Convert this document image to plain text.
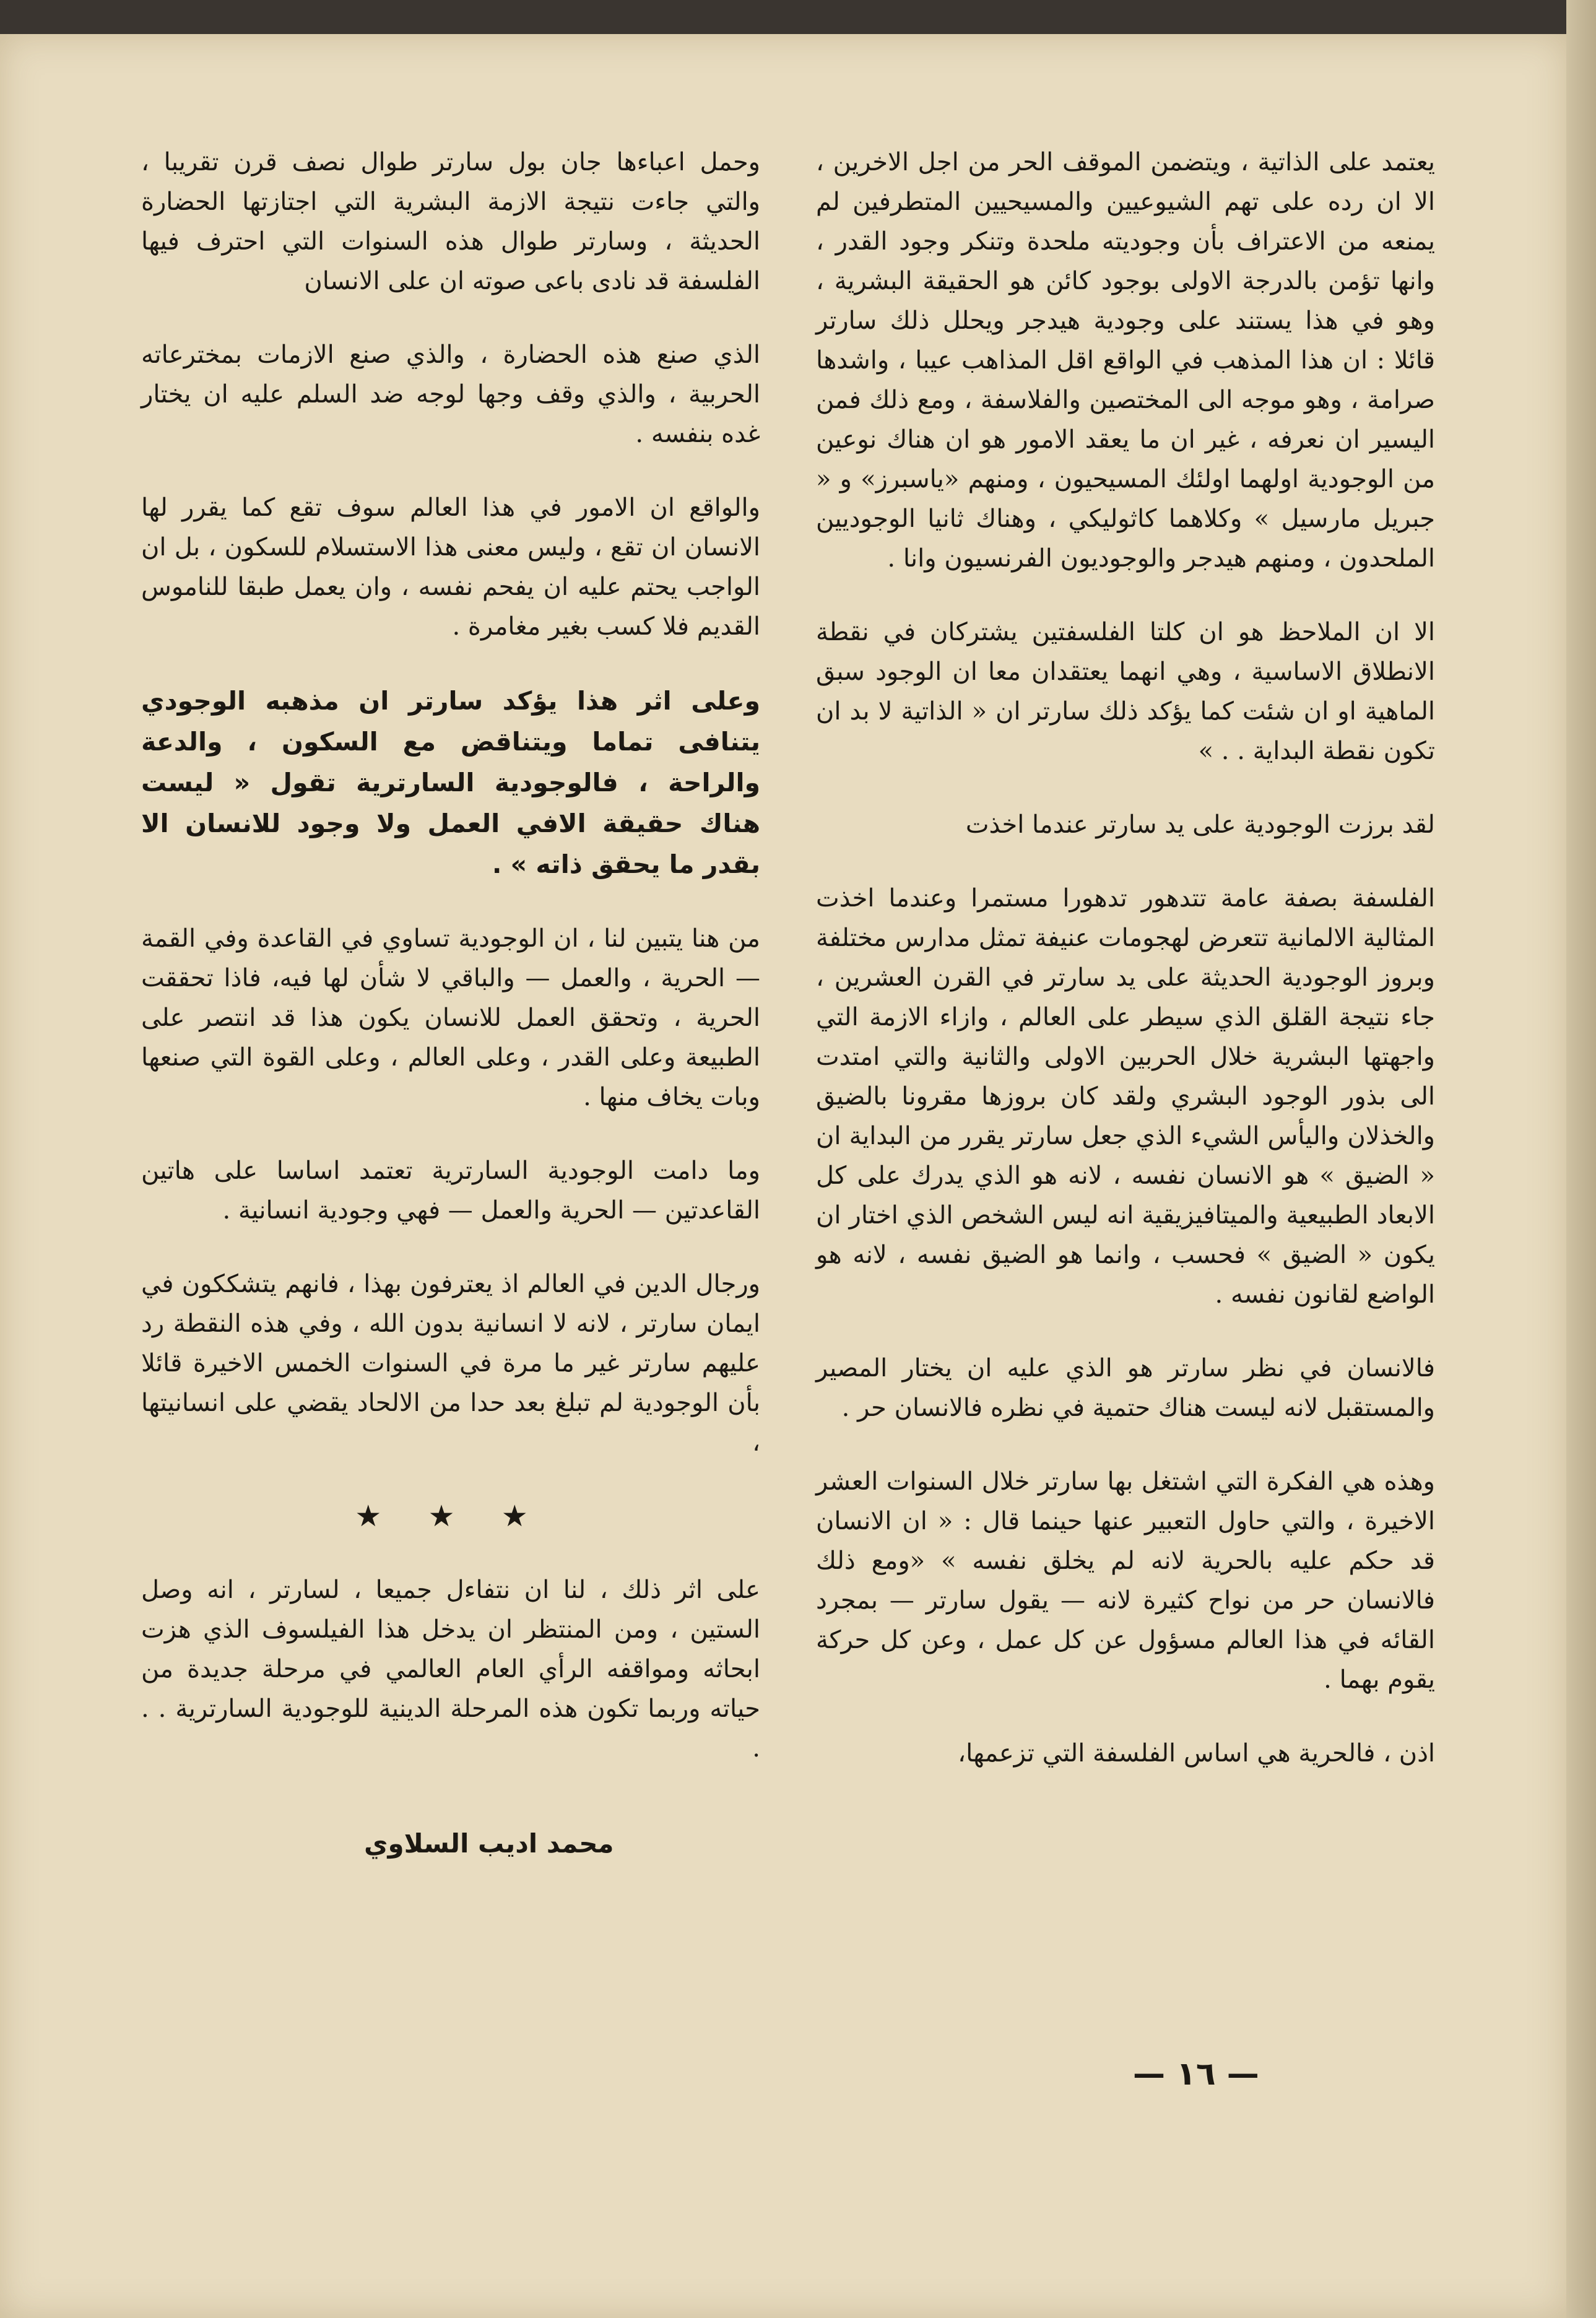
يعتمد على الذاتية ، ويتضمن الموقف الحر من اجل الاخرين ، الا ان رده على تهم الشيوعيين والمسيحيين المتطرفين لم يمنعه من الاعتراف بأن وجوديته ملحدة وتنكر وجود القدر ، وانها تؤمن بالدرجة الاولى بوجود كائن هو الحقيقة البشرية ، وهو في هذا يستند على وجودية هيدجر ويحلل ذلك سارتر قائلا : ان هذا المذهب في الواقع اقل المذاهب عيبا ، واشدها صرامة ، وهو موجه الى المختصين والفلاسفة ، ومع ذلك فمن اليسير ان نعرفه ، غير ان ما يعقد الامور هو ان هناك نوعين من الوجودية اولهما اولئك المسيحيون ، ومنهم «ياسبرز» و « جبريل مارسيل » وكلاهما كاثوليكي ، وهناك ثانيا الوجوديين الملحدون ، ومنهم هيدجر والوجوديون الفرنسيون وانا .

الا ان الملاحظ هو ان كلتا الفلسفتين يشتركان في نقطة الانطلاق الاساسية ، وهي انهما يعتقدان معا ان الوجود سبق الماهية او ان شئت كما يؤكد ذلك سارتر ان « الذاتية لا بد ان تكون نقطة البداية . . »

لقد برزت الوجودية على يد سارتر عندما اخذت

الفلسفة بصفة عامة تتدهور تدهورا مستمرا وعندما اخذت المثالية الالمانية تتعرض لهجومات عنيفة تمثل مدارس مختلفة وبروز الوجودية الحديثة على يد سارتر في القرن العشرين ، جاء نتيجة القلق الذي سيطر على العالم ، وازاء الازمة التي واجهتها البشرية خلال الحربين الاولى والثانية والتي امتدت الى بذور الوجود البشري ولقد كان بروزها مقرونا بالضيق والخذلان واليأس الشيء الذي جعل سارتر يقرر من البداية ان « الضيق » هو الانسان نفسه ، لانه هو الذي يدرك على كل الابعاد الطبيعية والميتافيزيقية انه ليس الشخص الذي اختار ان يكون « الضيق » فحسب ، وانما هو الضيق نفسه ، لانه هو الواضع لقانون نفسه .

فالانسان في نظر سارتر هو الذي عليه ان يختار المصير والمستقبل لانه ليست هناك حتمية في نظره فالانسان حر .

وهذه هي الفكرة التي اشتغل بها سارتر خلال السنوات العشر الاخيرة ، والتي حاول التعبير عنها حينما قال : « ان الانسان قد حكم عليه بالحرية لانه لم يخلق نفسه » «ومع ذلك فالانسان حر من نواح كثيرة لانه — يقول سارتر — بمجرد القائه في هذا العالم مسؤول عن كل عمل ، وعن كل حركة يقوم بهما .

اذن ، فالحرية هي اساس الفلسفة التي تزعمها،

وحمل اعباءها جان بول سارتر طوال نصف قرن تقريبا ، والتي جاءت نتيجة الازمة البشرية التي اجتازتها الحضارة الحديثة ، وسارتر طوال هذه السنوات التي احترف فيها الفلسفة قد نادى باعى صوته ان على الانسان

الذي صنع هذه الحضارة ، والذي صنع الازمات بمخترعاته الحربية ، والذي وقف وجها لوجه ضد السلم عليه ان يختار غده بنفسه .

والواقع ان الامور في هذا العالم سوف تقع كما يقرر لها الانسان ان تقع ، وليس معنى هذا الاستسلام للسكون ، بل ان الواجب يحتم عليه ان يفحم نفسه ، وان يعمل طبقا للناموس القديم فلا كسب بغير مغامرة .

وعلى اثر هذا يؤكد سارتر ان مذهبه الوجودي يتنافى تماما ويتناقض مع السكون ، والدعة والراحة ، فالوجودية السارترية تقول « ليست هناك حقيقة الافي العمل ولا وجود للانسان الا بقدر ما يحقق ذاته » .

من هنا يتبين لنا ، ان الوجودية تساوي في القاعدة وفي القمة — الحرية ، والعمل — والباقي لا شأن لها فيه، فاذا تحققت الحرية ، وتحقق العمل للانسان يكون هذا قد انتصر على الطبيعة وعلى القدر ، وعلى العالم ، وعلى القوة التي صنعها وبات يخاف منها .

وما دامت الوجودية السارترية تعتمد اساسا على هاتين القاعدتين — الحرية والعمل — فهي وجودية انسانية .

ورجال الدين في العالم اذ يعترفون بهذا ، فانهم يتشككون في ايمان سارتر ، لانه لا انسانية بدون الله ، وفي هذه النقطة رد عليهم سارتر غير ما مرة في السنوات الخمس الاخيرة قائلا بأن الوجودية لم تبلغ بعد حدا من الالحاد يقضي على انسانيتها ،

★ ★ ★

على اثر ذلك ، لنا ان نتفاءل جميعا ، لسارتر ، انه وصل الستين ، ومن المنتظر ان يدخل هذا الفيلسوف الذي هزت ابحاثه ومواقفه الرأي العام العالمي في مرحلة جديدة من حياته وربما تكون هذه المرحلة الدينية للوجودية السارترية . . .

محمد اديب السلاوي
— ١٦ —
